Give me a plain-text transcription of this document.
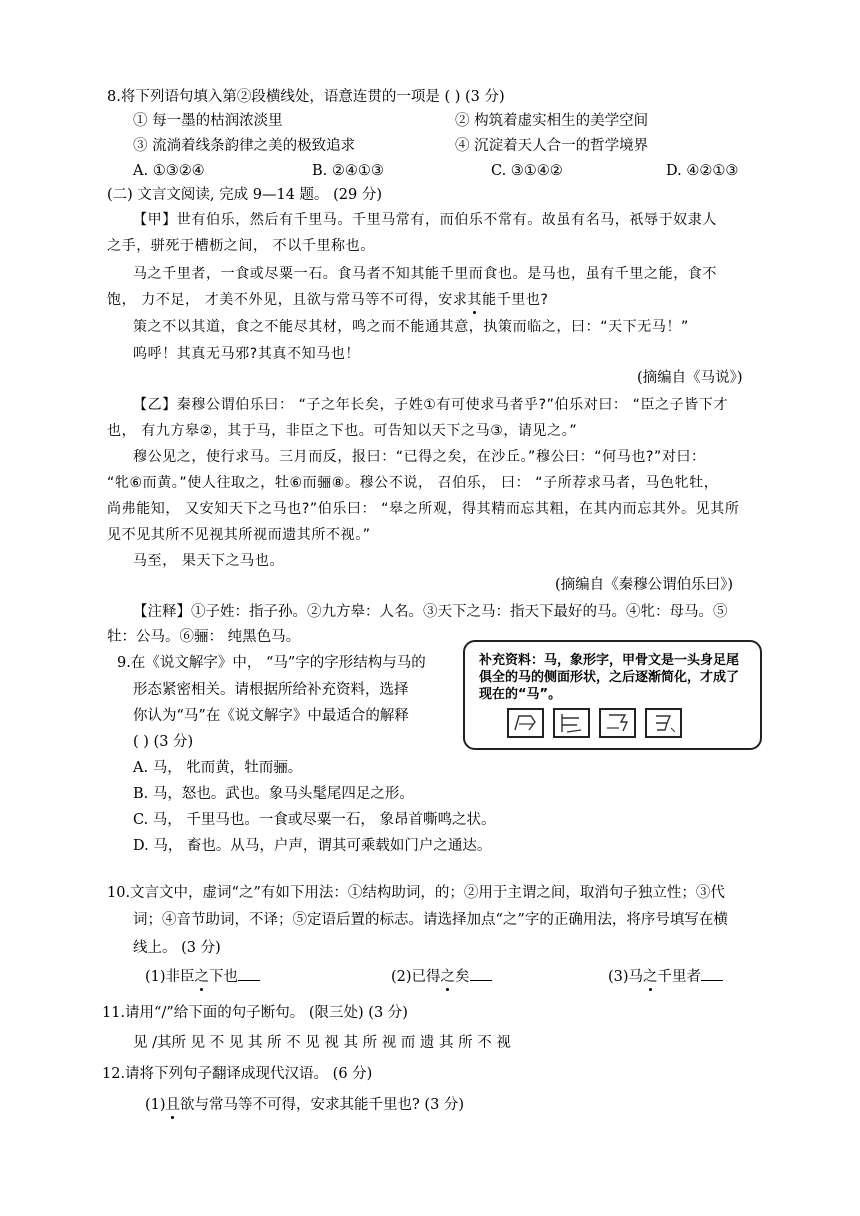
8.将下列语句填入第②段横线处，语意连贯的一项是 ( ) (3 分)
① 每一墨的枯润浓淡里	② 构筑着虚实相生的美学空间
③ 流淌着线条韵律之美的极致追求	④ 沉淀着天人合一的哲学境界
A. ①③②④	B. ②④①③	C. ③①④②	D. ④②①③
(二) 文言文阅读, 完成 9—14 题。 (29 分)
【甲】世有伯乐，然后有千里马。千里马常有，而伯乐不常有。故虽有名马，祇辱于奴隶人
之手，骈死于槽枥之间， 不以千里称也。
马之千里者，一食或尽粟一石。食马者不知其能千里而食也。是马也，虽有千里之能，食不
饱， 力不足， 才美不外见，且欲与常马等不可得，安求其能千里也?
策之不以其道，食之不能尽其材，鸣之而不能通其意，执策而临之，曰：“天下无马！”
呜呼！其真无马邪?其真不知马也！
(摘编自《马说》)
【乙】秦穆公谓伯乐曰： “子之年长矣，子姓①有可使求马者乎?”伯乐对曰： “臣之子皆下才
也， 有九方皋②，其于马，非臣之下也。可告知以天下之马③，请见之。”
穆公见之，使行求马。三月而反，报曰：“已得之矣，在沙丘。”穆公曰：“何马也?”对曰：
“牝⑥而黄。”使人往取之，牡⑥而骊⑧。穆公不说， 召伯乐， 曰： “子所荐求马者，马色牝牡，
尚弗能知， 又安知天下之马也?”伯乐曰： “皋之所观，得其精而忘其粗，在其内而忘其外。见其所
见不见其所不见视其所视而遗其所不视。”
马至， 果天下之马也。
(摘编自《秦穆公谓伯乐曰》)
【注释】①子姓：指子孙。②九方皋：人名。③天下之马：指天下最好的马。④牝：母马。⑤
牡：公马。⑥骊： 纯黑色马。
9.在《说文解字》中， “马”字的字形结构与马的
形态紧密相关。请根据所给补充资料，选择
你认为“马”在《说文解字》中最适合的解释
( ) (3 分)
A. 马， 牝而黄，牡而骊。
B. 马，怒也。武也。象马头髦尾四足之形。
C. 马， 千里马也。一食或尽粟一石， 象昂首嘶鸣之状。
D. 马， 畜也。从马，户声，谓其可乘载如门户之通达。
补充资料：马，象形字，甲骨文是一头身足尾俱全的马的侧面形状，之后逐渐简化，才成了现在的“马”。
10.文言文中，虚词“之”有如下用法：①结构助词，的；②用于主谓之间，取消句子独立性；③代
词；④音节助词，不译；⑤定语后置的标志。请选择加点“之”字的正确用法，将序号填写在横
线上。 (3 分)
(1)非臣之下也	(2)已得之矣	(3)马之千里者
11.请用“/”给下面的句子断句。 (限三处) (3 分)
见 /其所 见 不 见 其 所 不 见 视 其 所 视 而 遗 其 所 不 视
12.请将下列句子翻译成现代汉语。 (6 分)
(1)且欲与常马等不可得，安求其能千里也? (3 分)
